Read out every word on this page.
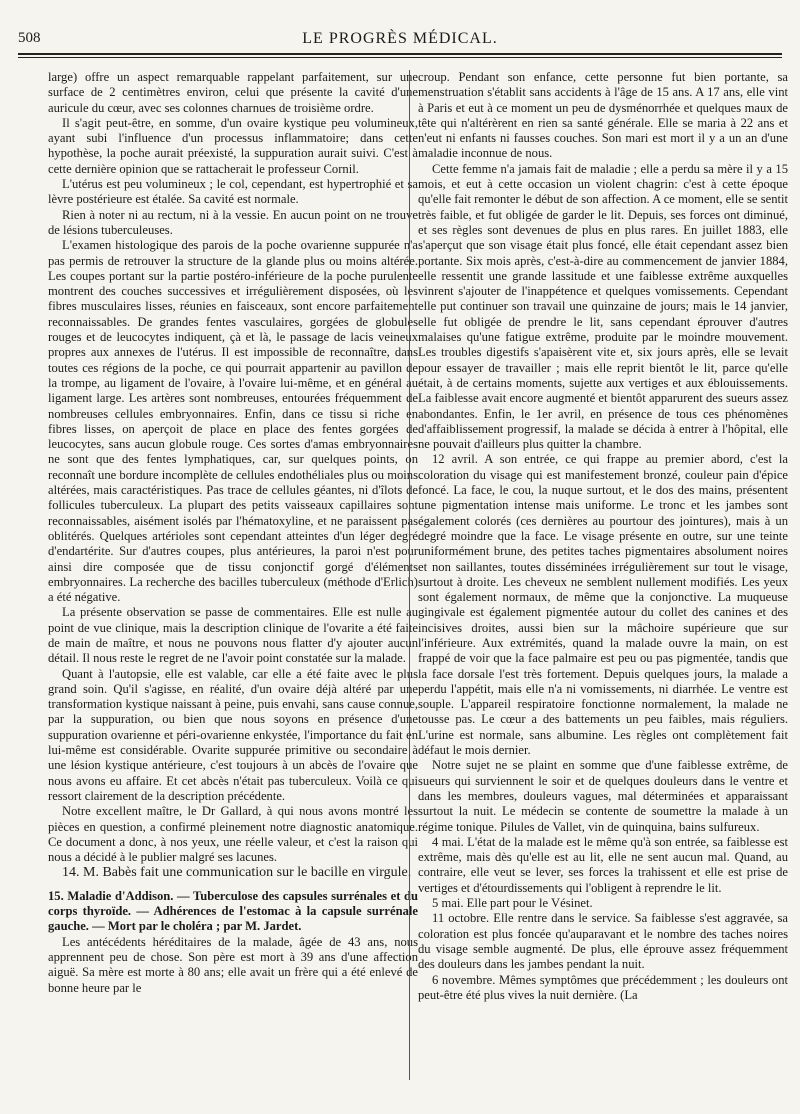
508	LE PROGRÈS MÉDICAL.

large) offre un aspect remarquable rappelant parfaitement, sur une surface de 2 centimètres environ, celui que présente la cavité d'une auricule du cœur, avec ses colonnes charnues de troisième ordre.

Il s'agit peut-être, en somme, d'un ovaire kystique peu volumineux, ayant subi l'influence d'un processus inflammatoire; dans cette hypothèse, la poche aurait préexisté, la suppuration aurait suivi. C'est à cette dernière opinion que se rattacherait le professeur Cornil.

L'utérus est peu volumineux ; le col, cependant, est hypertrophié et sa lèvre postérieure est étalée. Sa cavité est normale.

Rien à noter ni au rectum, ni à la vessie. En aucun point on ne trouve de lésions tuberculeuses.

L'examen histologique des parois de la poche ovarienne suppurée n'a pas permis de retrouver la structure de la glande plus ou moins altérée. Les coupes portant sur la partie postéro-inférieure de la poche purulente montrent des couches successives et irrégulièrement disposées, où les fibres musculaires lisses, réunies en faisceaux, sont encore parfaitement reconnaissables. De grandes fentes vasculaires, gorgées de globules rouges et de leucocytes indiquent, çà et là, le passage de lacis veineux propres aux annexes de l'utérus. Il est impossible de reconnaître, dans toutes ces régions de la poche, ce qui pourrait appartenir au pavillon de la trompe, au ligament de l'ovaire, à l'ovaire lui-même, et en général au ligament large. Les artères sont nombreuses, entourées fréquemment de nombreuses cellules embryonnaires. Enfin, dans ce tissu si riche en fibres lisses, on aperçoit de place en place des fentes gorgées de leucocytes, sans aucun globule rouge. Ces sortes d'amas embryonnaires ne sont que des fentes lymphatiques, car, sur quelques points, on reconnaît une bordure incomplète de cellules endothéliales plus ou moins altérées, mais caractéristiques. Pas trace de cellules géantes, ni d'îlots de follicules tuberculeux. La plupart des petits vaisseaux capillaires sont reconnaissables, aisément isolés par l'hématoxyline, et ne paraissent pas oblitérés. Quelques artérioles sont cependant atteintes d'un léger degré d'endartérite. Sur d'autres coupes, plus antérieures, la paroi n'est pour ainsi dire composée que de tissu conjonctif gorgé d'éléments embryonnaires. La recherche des bacilles tuberculeux (méthode d'Erlich) a été négative.

La présente observation se passe de commentaires. Elle est nulle au point de vue clinique, mais la description clinique de l'ovarite a été faite de main de maître, et nous ne pouvons nous flatter d'y ajouter aucun détail. Il nous reste le regret de ne l'avoir point constatée sur la malade.

Quant à l'autopsie, elle est valable, car elle a été faite avec le plus grand soin. Qu'il s'agisse, en réalité, d'un ovaire déjà altéré par une transformation kystique naissant à peine, puis envahi, sans cause connue, par la suppuration, ou bien que nous soyons en présence d'une suppuration ovarienne et péri-ovarienne enkystée, l'importance du fait en lui-même est considérable. Ovarite suppurée primitive ou secondaire à une lésion kystique antérieure, c'est toujours à un abcès de l'ovaire que nous avons eu affaire. Et cet abcès n'était pas tuberculeux. Voilà ce qui ressort clairement de la description précédente.

Notre excellent maître, le Dr Gallard, à qui nous avons montré les pièces en question, a confirmé pleinement notre diagnostic anatomique. Ce document a donc, à nos yeux, une réelle valeur, et c'est la raison qui nous a décidé à le publier malgré ses lacunes.

14. M. Babès fait une communication sur le bacille en virgule.

15. Maladie d'Addison. — Tuberculose des capsules surrénales et du corps thyroïde. — Adhérences de l'estomac à la capsule surrénale gauche. — Mort par le choléra ; par M. Jardet.

Les antécédents héréditaires de la malade, âgée de 43 ans, nous apprennent peu de chose. Son père est mort à 39 ans d'une affection aiguë. Sa mère est morte à 80 ans; elle avait un frère qui a été enlevé de bonne heure par le

croup. Pendant son enfance, cette personne fut bien portante, sa menstruation s'établit sans accidents à l'âge de 15 ans. A 17 ans, elle vint à Paris et eut à ce moment un peu de dysménorrhée et quelques maux de tête qui n'altérèrent en rien sa santé générale. Elle se maria à 22 ans et n'eut ni enfants ni fausses couches. Son mari est mort il y a un an d'une maladie inconnue de nous.

Cette femme n'a jamais fait de maladie ; elle a perdu sa mère il y a 15 mois, et eut à cette occasion un violent chagrin: c'est à cette époque qu'elle fait remonter le début de son affection. A ce moment, elle se sentit très faible, et fut obligée de garder le lit. Depuis, ses forces ont diminué, et ses règles sont devenues de plus en plus rares. En juillet 1883, elle s'aperçut que son visage était plus foncé, elle était cependant assez bien portante. Six mois après, c'est-à-dire au commencement de janvier 1884, elle ressentit une grande lassitude et une faiblesse extrême auxquelles vinrent s'ajouter de l'inappétence et quelques vomissements. Cependant elle put continuer son travail une quinzaine de jours; mais le 14 janvier, elle fut obligée de prendre le lit, sans cependant éprouver d'autres malaises qu'une fatigue extrême, produite par le moindre mouvement. Les troubles digestifs s'apaisèrent vite et, six jours après, elle se levait pour essayer de travailler ; mais elle reprit bientôt le lit, parce qu'elle était, à de certains moments, sujette aux vertiges et aux éblouissements. La faiblesse avait encore augmenté et bientôt apparurent des sueurs assez abondantes. Enfin, le 1er avril, en présence de tous ces phénomènes d'affaiblissement progressif, la malade se décida à entrer à l'hôpital, elle ne pouvait d'ailleurs plus quitter la chambre.

12 avril. A son entrée, ce qui frappe au premier abord, c'est la coloration du visage qui est manifestement bronzé, couleur pain d'épice foncé. La face, le cou, la nuque surtout, et le dos des mains, présentent une pigmentation intense mais uniforme. Le tronc et les jambes sont également colorés (ces dernières au pourtour des jointures), mais à un degré moindre que la face. Le visage présente en outre, sur une teinte uniformément brune, des petites taches pigmentaires absolument noires et non saillantes, toutes disséminées irrégulièrement sur tout le visage, surtout à droite. Les cheveux ne semblent nullement modifiés. Les yeux sont également normaux, de même que la conjonctive. La muqueuse gingivale est également pigmentée autour du collet des canines et des incisives droites, aussi bien sur la mâchoire supérieure que sur l'inférieure. Aux extrémités, quand la malade ouvre la main, on est frappé de voir que la face palmaire est peu ou pas pigmentée, tandis que la face dorsale l'est très fortement. Depuis quelques jours, la malade a perdu l'appétit, mais elle n'a ni vomissements, ni diarrhée. Le ventre est souple. L'appareil respiratoire fonctionne normalement, la malade ne tousse pas. Le cœur a des battements un peu faibles, mais réguliers. L'urine est normale, sans albumine. Les règles ont complètement fait défaut le mois dernier.

Notre sujet ne se plaint en somme que d'une faiblesse extrême, de sueurs qui surviennent le soir et de quelques douleurs dans le ventre et dans les membres, douleurs vagues, mal déterminées et apparaissant surtout la nuit. Le médecin se contente de soumettre la malade à un régime tonique. Pilules de Vallet, vin de quinquina, bains sulfureux.

4 mai. L'état de la malade est le même qu'à son entrée, sa faiblesse est extrême, mais dès qu'elle est au lit, elle ne sent aucun mal. Quand, au contraire, elle veut se lever, ses forces la trahissent et elle est prise de vertiges et d'étourdissements qui l'obligent à reprendre le lit.

5 mai. Elle part pour le Vésinet.

11 octobre. Elle rentre dans le service. Sa faiblesse s'est aggravée, sa coloration est plus foncée qu'auparavant et le nombre des taches noires du visage semble augmenté. De plus, elle éprouve assez fréquemment des douleurs dans les jambes pendant la nuit.

6 novembre. Mêmes symptômes que précédemment ; les douleurs ont peut-être été plus vives la nuit dernière. (La
